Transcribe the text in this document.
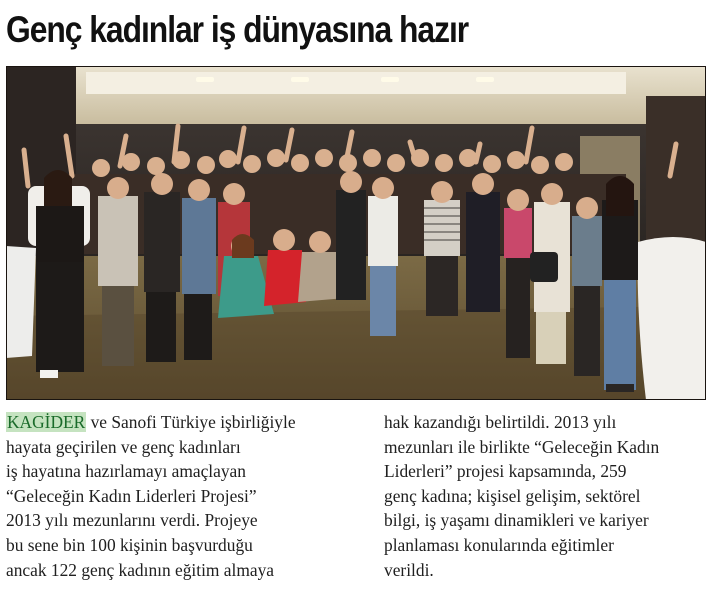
Genç kadınlar iş dünyasına hazır
KAGİDER ve Sanofi Türkiye işbirliğiyle
hayata geçirilen ve genç kadınları
iş hayatına hazırlamayı amaçlayan
“Geleceğin Kadın Liderleri Projesi”
2013 yılı mezunlarını verdi. Projeye
bu sene bin 100 kişinin başvurduğu
ancak 122 genç kadının eğitim almaya
hak kazandığı belirtildi. 2013 yılı
mezunları ile birlikte “Geleceğin Kadın
Liderleri” projesi kapsamında, 259
genç kadına; kişisel gelişim, sektörel
bilgi, iş yaşamı dinamikleri ve kariyer
planlaması konularında eğitimler
verildi.
